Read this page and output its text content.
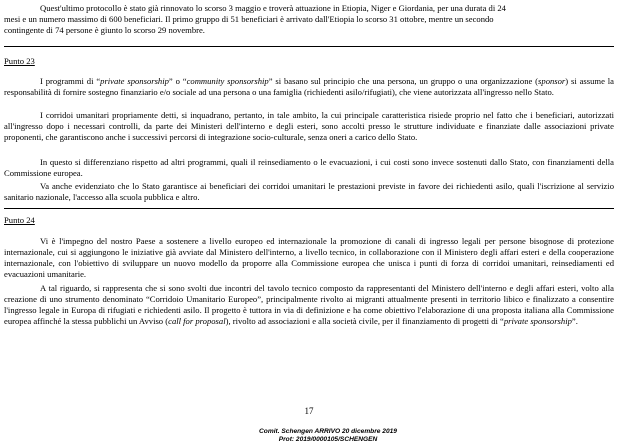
Quest'ultimo protocollo è stato già rinnovato lo scorso 3 maggio e troverà attuazione in Etiopia, Niger e Giordania, per una durata di 24
mesi e un numero massimo di 600 beneficiari. Il primo gruppo di 51 beneficiari è arrivato dall'Etiopia lo scorso 31 ottobre, mentre un secondo
contingente di 74 persone è giunto lo scorso 29 novembre.
Punto 23
I programmi di “private sponsorship” o “community sponsorship” si basano sul principio che una persona, un gruppo o una organizzazione (sponsor) si assume la responsabilità di fornire sostegno finanziario e/o sociale ad una persona o una famiglia (richiedenti asilo/rifugiati), che viene autorizzata all'ingresso nello Stato.
I corridoi umanitari propriamente detti, si inquadrano, pertanto, in tale ambito, la cui principale caratteristica risiede proprio nel fatto che i beneficiari, autorizzati all'ingresso dopo i necessari controlli, da parte dei Ministeri dell'interno e degli esteri, sono accolti presso le strutture individuate e finanziate dalle associazioni private proponenti, che garantiscono anche i successivi percorsi di integrazione socio-culturale, senza oneri a carico dello Stato.
In questo si differenziano rispetto ad altri programmi, quali il reinsediamento o le evacuazioni, i cui costi sono invece sostenuti dallo Stato, con finanziamenti della Commissione europea.
Va anche evidenziato che lo Stato garantisce ai beneficiari dei corridoi umanitari le prestazioni previste in favore dei richiedenti asilo, quali l'iscrizione al servizio sanitario nazionale, l'accesso alla scuola pubblica e altro.
Punto 24
Vi è l'impegno del nostro Paese a sostenere a livello europeo ed internazionale la promozione di canali di ingresso legali per persone bisognose di protezione internazionale, cui si aggiungono le iniziative già avviate dal Ministero dell'interno, a livello tecnico, in collaborazione con il Ministero degli affari esteri e della cooperazione internazionale, con l'obiettivo di sviluppare un nuovo modello da proporre alla Commissione europea che unisca i punti di forza di corridoi umanitari, reinsediamenti ed evacuazioni umanitarie.
A tal riguardo, si rappresenta che si sono svolti due incontri del tavolo tecnico composto da rappresentanti del Ministero dell'interno e degli affari esteri, volto alla creazione di uno strumento denominato “Corridoio Umanitario Europeo”, principalmente rivolto ai migranti attualmente presenti in territorio libico e finalizzato a consentire l'ingresso legale in Europa di rifugiati e richiedenti asilo. Il progetto è tuttora in via di definizione e ha come obiettivo l'elaborazione di una proposta italiana alla Commissione europea affinché la stessa pubblichi un Avviso (call for proposal), rivolto ad associazioni e alla società civile, per il finanziamento di progetti di “private sponsorship”.
17
Comit. Schengen ARRIVO 20 dicembre 2019
Prot: 2019/0000105/SCHENGEN
